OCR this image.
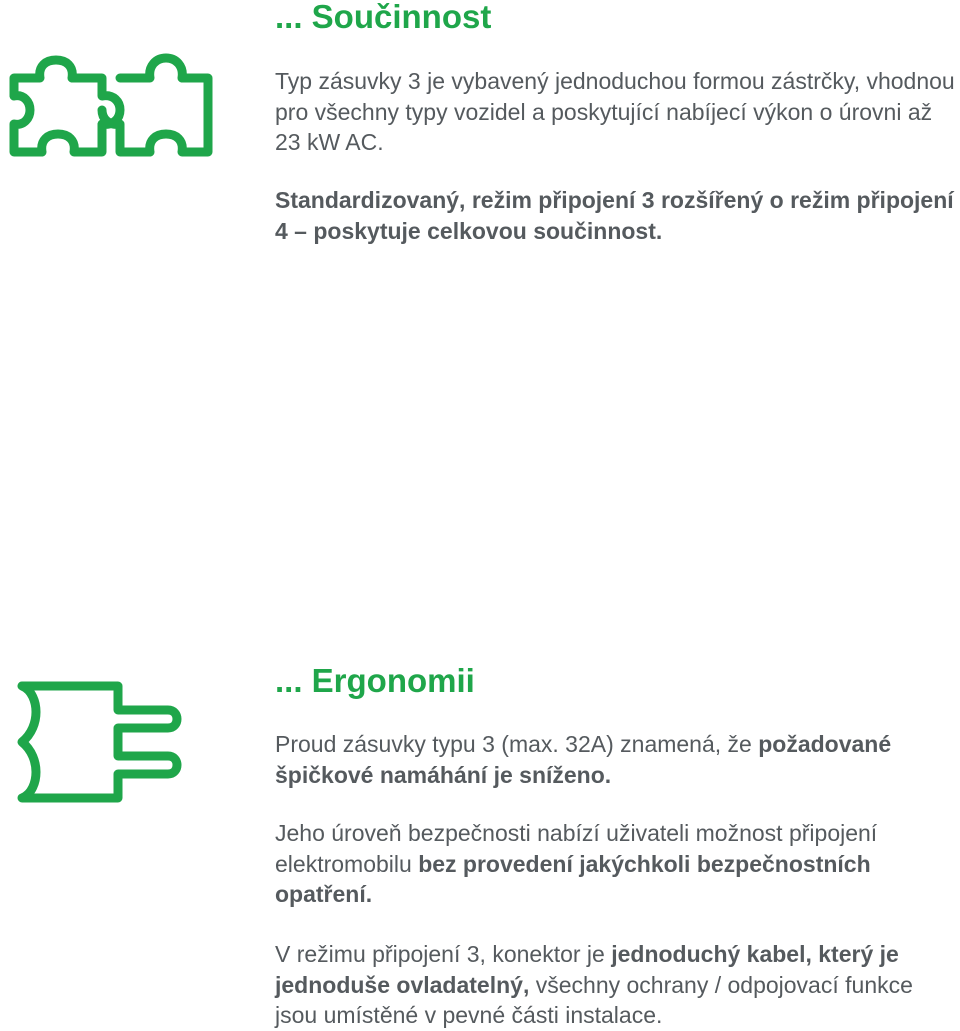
... Součinnost

Typ zásuvky 3 je vybavený jednoduchou formou zástrčky, vhodnou pro všechny typy vozidel a poskytující nabíjecí výkon o úrovni až 23 kW AC.

Standardizovaný, režim připojení 3 rozšířený o režim připojení 4 – poskytuje celkovou součinnost.

... Ergonomii

Proud zásuvky typu 3 (max. 32A) znamená, že požadované špičkové namáhání je sníženo.

Jeho úroveň bezpečnosti nabízí uživateli možnost připojení elektromobilu bez provedení jakýchkoli bezpečnostních opatření.

V režimu připojení 3, konektor je jednoduchý kabel, který je jednoduše ovladatelný, všechny ochrany / odpojovací funkce jsou umístěné v pevné části instalace.
